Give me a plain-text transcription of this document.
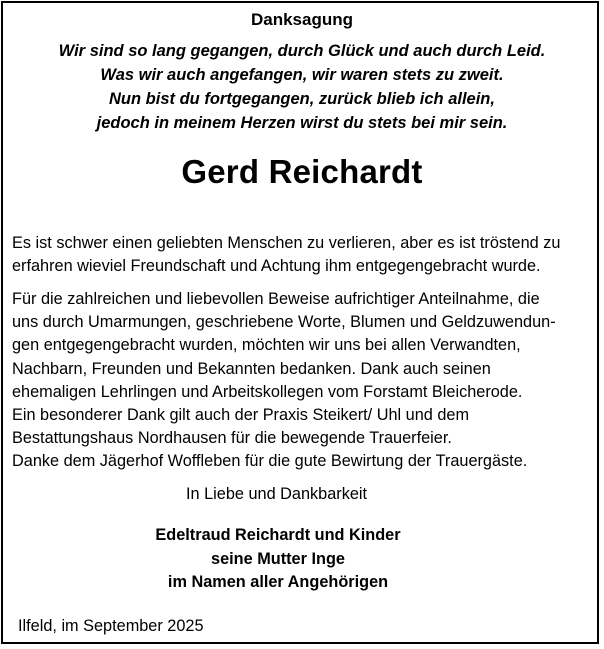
Danksagung
Wir sind so lang gegangen, durch Glück und auch durch Leid.
Was wir auch angefangen, wir waren stets zu zweit.
Nun bist du fortgegangen, zurück blieb ich allein,
jedoch in meinem Herzen wirst du stets bei mir sein.
Gerd Reichardt
Es ist schwer einen geliebten Menschen zu verlieren, aber es ist tröstend zu
erfahren wieviel Freundschaft und Achtung ihm entgegengebracht wurde.
Für die zahlreichen und liebevollen Beweise aufrichtiger Anteilnahme, die
uns durch Umarmungen, geschriebene Worte, Blumen und Geldzuwendun-
gen entgegengebracht wurden, möchten wir uns bei allen Verwandten,
Nachbarn, Freunden und Bekannten bedanken. Dank auch seinen
ehemaligen Lehrlingen und Arbeitskollegen vom Forstamt Bleicherode.
Ein besonderer Dank gilt auch der Praxis Steikert/ Uhl und dem
Bestattungshaus Nordhausen für die bewegende Trauerfeier.
Danke dem Jägerhof Woffleben für die gute Bewirtung der Trauergäste.
In Liebe und Dankbarkeit
Edeltraud Reichardt und Kinder
seine Mutter Inge
im Namen aller Angehörigen
Ilfeld, im September 2025
